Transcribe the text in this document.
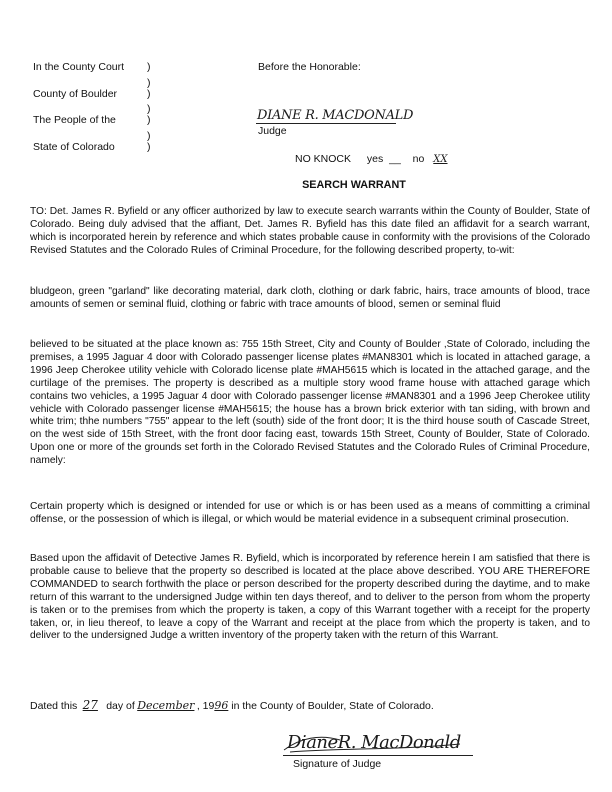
In the County Court )
)
County of Boulder	)
)
The People of the	)
)
State of Colorado	)
Before the Honorable:
DIANE R. MACDONALD
Judge
NO KNOCK yes __ no XX
SEARCH WARRANT
TO: Det. James R. Byfield or any officer authorized by law to execute search warrants within the County of Boulder, State of Colorado. Being duly advised that the affiant, Det. James R. Byfield has this date filed an affidavit for a search warrant, which is incorporated herein by reference and which states probable cause in conformity with the provisions of the Colorado Revised Statutes and the Colorado Rules of Criminal Procedure, for the following described property, to-wit:
bludgeon, green "garland" like decorating material, dark cloth, clothing or dark fabric, hairs, trace amounts of blood, trace amounts of semen or seminal fluid, clothing or fabric with trace amounts of blood, semen or seminal fluid
believed to be situated at the place known as: 755 15th Street, City and County of Boulder ,State of Colorado, including the premises, a 1995 Jaguar 4 door with Colorado passenger license plates #MAN8301 which is located in attached garage, a 1996 Jeep Cherokee utility vehicle with Colorado license plate #MAH5615 which is located in the attached garage, and the curtilage of the premises. The property is described as a multiple story wood frame house with attached garage which contains two vehicles, a 1995 Jaguar 4 door with Colorado passenger license #MAN8301 and a 1996 Jeep Cherokee utility vehicle with Colorado passenger license #MAH5615; the house has a brown brick exterior with tan siding, with brown and white trim; thhe numbers "755" appear to the left (south) side of the front door; It is the third house south of Cascade Street, on the west side of 15th Street, with the front door facing east, towards 15th Street, County of Boulder, State of Colorado. Upon one or more of the grounds set forth in the Colorado Revised Statutes and the Colorado Rules of Criminal Procedure, namely:
Certain property which is designed or intended for use or which is or has been used as a means of committing a criminal offense, or the possession of which is illegal, or which would be material evidence in a subsequent criminal prosecution.
Based upon the affidavit of Detective James R. Byfield, which is incorporated by reference herein I am satisfied that there is probable cause to believe that the property so described is located at the place above described. YOU ARE THEREFORE COMMANDED to search forthwith the place or person described for the property described during the daytime, and to make return of this warrant to the undersigned Judge within ten days thereof, and to deliver to the person from whom the property is taken or to the premises from which the property is taken, a copy of this Warrant together with a receipt for the property taken, or, in lieu thereof, to leave a copy of the Warrant and receipt at the place from which the property is taken, and to deliver to the undersigned Judge a written inventory of the property taken with the return of this Warrant.
Dated this 27 day of December , 1996 in the County of Boulder, State of Colorado.
DianeR. MacDonald
Signature of Judge
